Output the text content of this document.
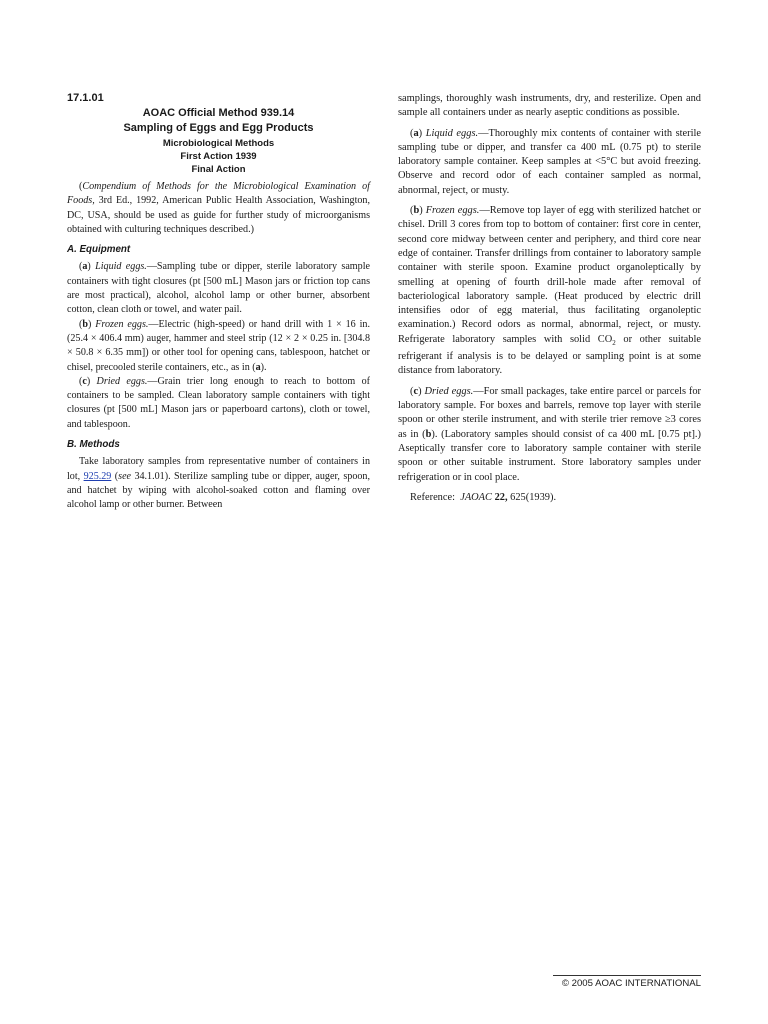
17.1.01
AOAC Official Method 939.14
Sampling of Eggs and Egg Products
Microbiological Methods
First Action 1939
Final Action

(Compendium of Methods for the Microbiological Examination of Foods, 3rd Ed., 1992, American Public Health Association, Washington, DC, USA, should be used as guide for further study of microorganisms obtained with culturing techniques described.)

A. Equipment

(a) Liquid eggs.—Sampling tube or dipper, sterile laboratory sample containers with tight closures (pt [500 mL] Mason jars or friction top cans are most practical), alcohol, alcohol lamp or other burner, absorbent cotton, clean cloth or towel, and water pail.

(b) Frozen eggs.—Electric (high-speed) or hand drill with 1 × 16 in. (25.4 × 406.4 mm) auger, hammer and steel strip (12 × 2 × 0.25 in. [304.8 × 50.8 × 6.35 mm]) or other tool for opening cans, tablespoon, hatchet or chisel, precooled sterile containers, etc., as in (a).

(c) Dried eggs.—Grain trier long enough to reach to bottom of containers to be sampled. Clean laboratory sample containers with tight closures (pt [500 mL] Mason jars or paperboard cartons), cloth or towel, and tablespoon.

B. Methods

Take laboratory samples from representative number of containers in lot, 925.29 (see 34.1.01). Sterilize sampling tube or dipper, auger, spoon, and hatchet by wiping with alcohol-soaked cotton and flaming over alcohol lamp or other burner. Between

samplings, thoroughly wash instruments, dry, and resterilize. Open and sample all containers under as nearly aseptic conditions as possible.

(a) Liquid eggs.—Thoroughly mix contents of container with sterile sampling tube or dipper, and transfer ca 400 mL (0.75 pt) to sterile laboratory sample container. Keep samples at <5°C but avoid freezing. Observe and record odor of each container sampled as normal, abnormal, reject, or musty.

(b) Frozen eggs.—Remove top layer of egg with sterilized hatchet or chisel. Drill 3 cores from top to bottom of container: first core in center, second core midway between center and periphery, and third core near edge of container. Transfer drillings from container to laboratory sample container with sterile spoon. Examine product organoleptically by smelling at opening of fourth drill-hole made after removal of bacteriological laboratory sample. (Heat produced by electric drill intensifies odor of egg material, thus facilitating organoleptic examination.) Record odors as normal, abnormal, reject, or musty. Refrigerate laboratory samples with solid $CO_2$ or other suitable refrigerant if analysis is to be delayed or sampling point is at some distance from laboratory.

(c) Dried eggs.—For small packages, take entire parcel or parcels for laboratory sample. For boxes and barrels, remove top layer with sterile spoon or other sterile instrument, and with sterile trier remove ≥3 cores as in (b). (Laboratory samples should consist of ca 400 mL [0.75 pt].) Aseptically transfer core to laboratory sample container with sterile spoon or other suitable instrument. Store laboratory samples under refrigeration or in cool place.

Reference: JAOAC 22, 625(1939).

© 2005 AOAC INTERNATIONAL
